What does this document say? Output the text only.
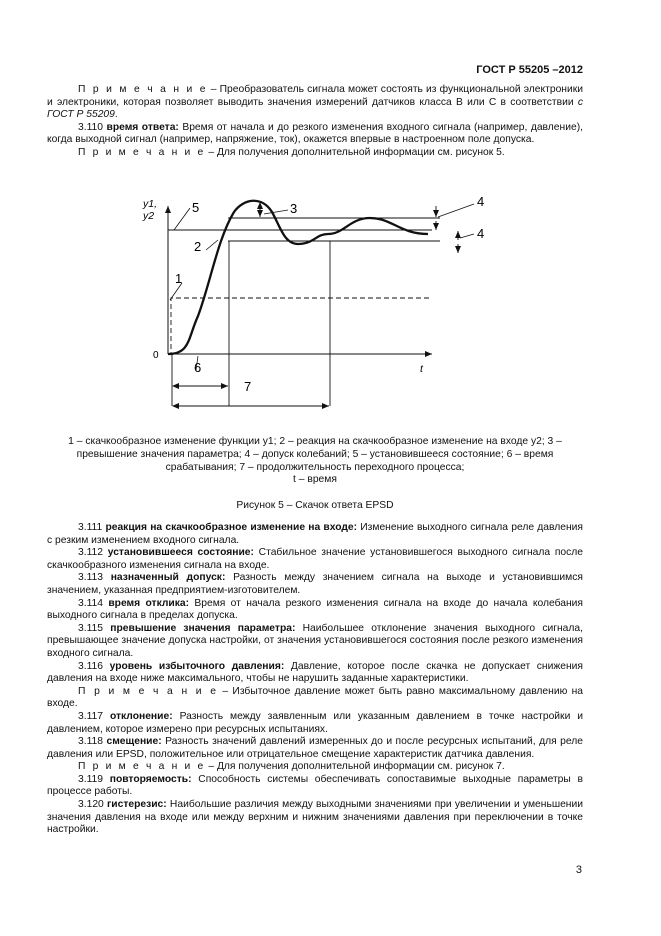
ГОСТ Р 55205 –2012

П р и м е ч а н и е – Преобразователь сигнала может состоять из функциональной электроники и электроники, которая позволяет выводить значения измерений датчиков класса В или С в соответствии с ГОСТ Р 55209.

3.110 время ответа: Время от начала и до резкого изменения входного сигнала (например, давление), когда выходной сигнал (например, напряжение, ток), окажется впервые в настроенном поле допуска.

П р и м е ч а н и е – Для получения дополнительной информации см. рисунок 5.

y1,
y2
0
t
5
2
1
3	4
4
6
7
1 – скачкообразное изменение функции y1; 2 – реакция на скачкообразное изменение на входе y2; 3 – превышение значения параметра; 4 – допуск колебаний; 5 – установившееся состояние; 6 – время срабатывания; 7 – продолжительность переходного процесса;
t – время
Рисунок 5 – Скачок ответа EPSD

3.111 реакция на скачкообразное изменение на входе: Изменение выходного сигнала реле давления с резким изменением входного сигнала.

3.112 установившееся состояние: Стабильное значение установившегося выходного сигнала после скачкообразного изменения сигнала на входе.

3.113 назначенный допуск: Разность между значением сигнала на выходе и установившимся значением, указанная предприятием-изготовителем.

3.114 время отклика: Время от начала резкого изменения сигнала на входе до начала колебания выходного сигнала в пределах допуска.

3.115 превышение значения параметра: Наибольшее отклонение значения выходного сигнала, превышающее значение допуска настройки, от значения установившегося состояния после резкого изменения входного сигнала.

3.116 уровень избыточного давления: Давление, которое после скачка не допускает снижения давления на входе ниже максимального, чтобы не нарушить заданные характеристики.

П р и м е ч а н и е – Избыточное давление может быть равно максимальному давлению на входе.

3.117 отклонение: Разность между заявленным или указанным давлением в точке настройки и давлением, которое измерено при ресурсных испытаниях.

3.118 смещение: Разность значений давлений измеренных до и после ресурсных испытаний, для реле давления или EPSD, положительное или отрицательное смещение характеристик датчика давления.

П р и м е ч а н и е – Для получения дополнительной информации см. рисунок 7.

3.119 повторяемость: Способность системы обеспечивать сопоставимые выходные параметры в процессе работы.

3.120 гистерезис: Наибольшие различия между выходными значениями при увеличении и уменьшении значения давления на входе или между верхним и нижним значениями давления при переключении в точке настройки.

3
